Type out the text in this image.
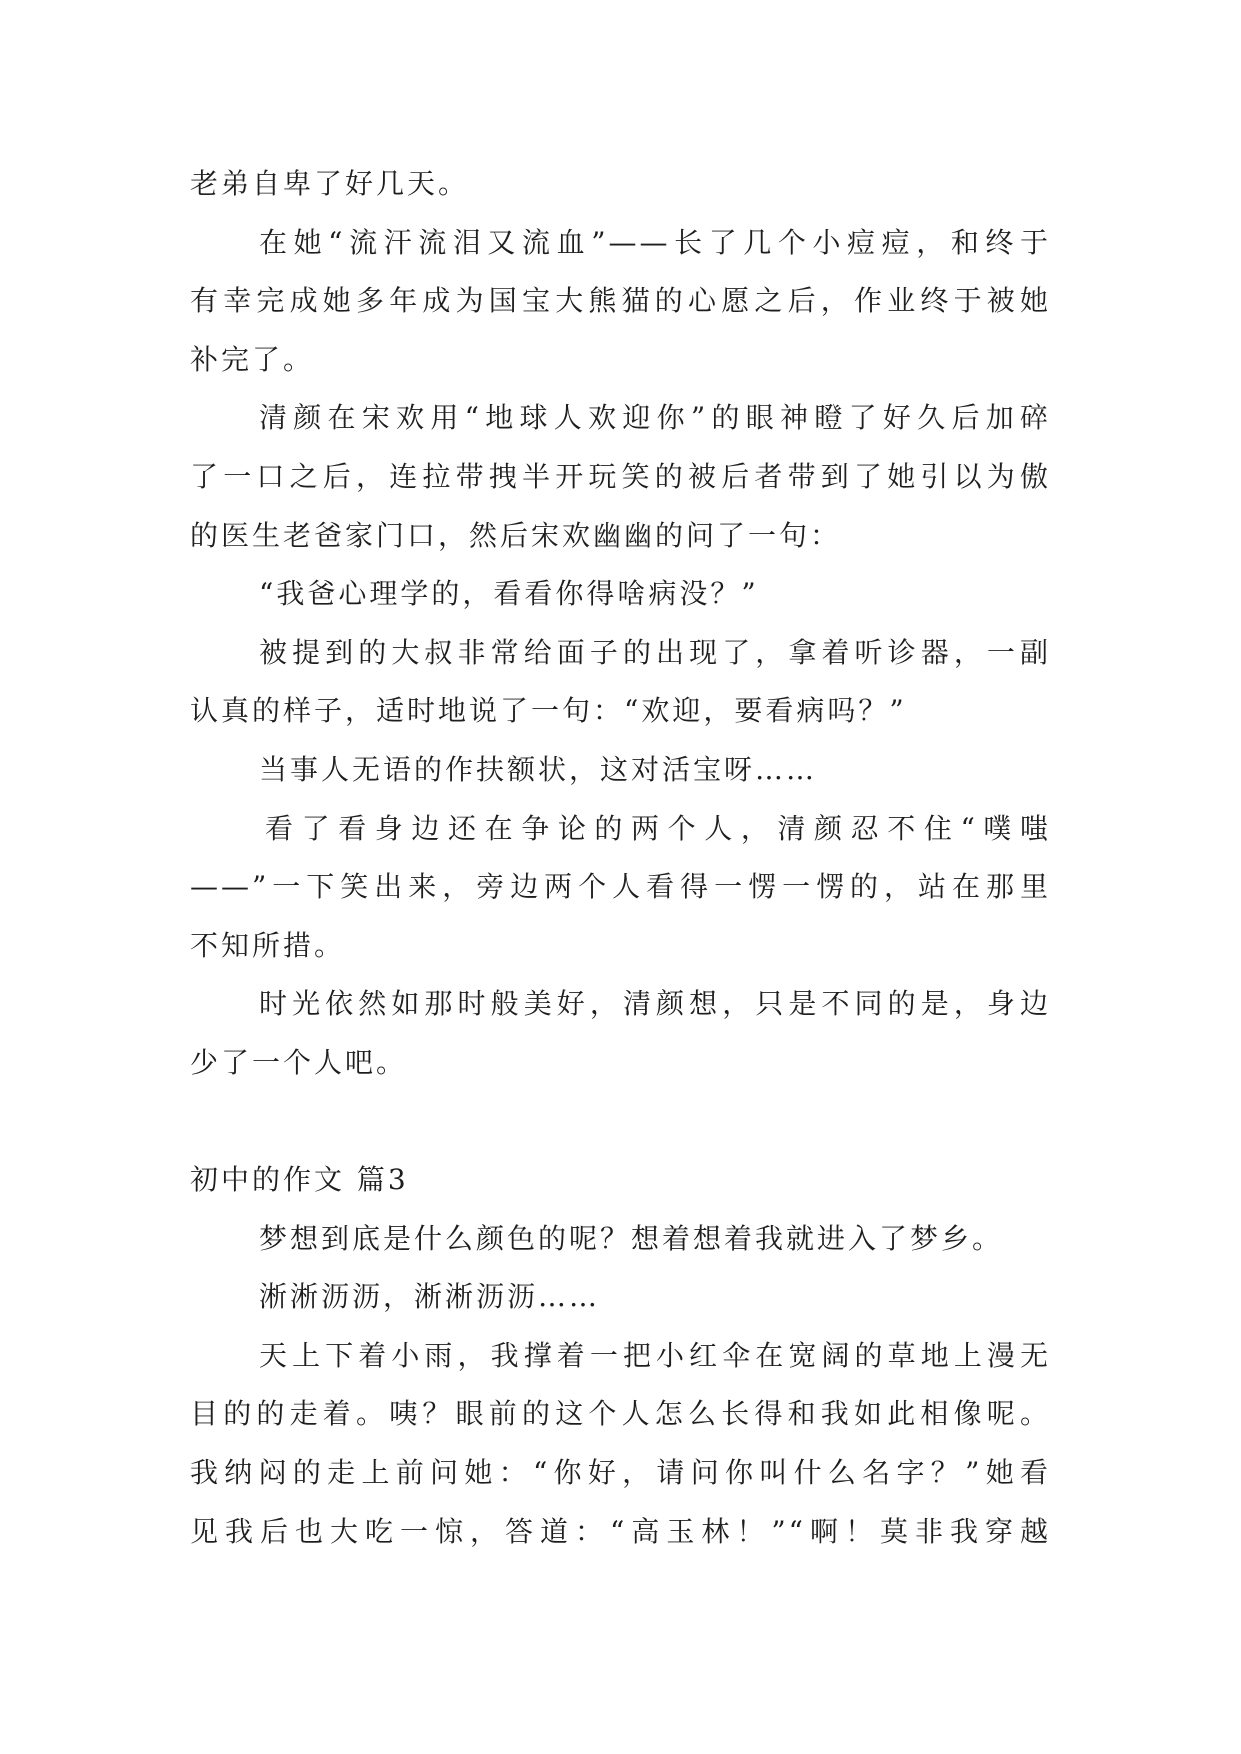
老弟自卑了好几天。
在她“流汗流泪又流血”——长了几个小痘痘，和终于
有幸完成她多年成为国宝大熊猫的心愿之后，作业终于被她
补完了。
清颜在宋欢用“地球人欢迎你”的眼神瞪了好久后加碎
了一口之后，连拉带拽半开玩笑的被后者带到了她引以为傲
的医生老爸家门口，然后宋欢幽幽的问了一句：
“我爸心理学的，看看你得啥病没？”
被提到的大叔非常给面子的出现了，拿着听诊器，一副
认真的样子，适时地说了一句：“欢迎，要看病吗？”
当事人无语的作扶额状，这对活宝呀……
看了看身边还在争论的两个人，清颜忍不住“噗嗤
——”一下笑出来，旁边两个人看得一愣一愣的，站在那里
不知所措。
时光依然如那时般美好，清颜想，只是不同的是，身边
少了一个人吧。
初中的作文 篇3
梦想到底是什么颜色的呢？想着想着我就进入了梦乡。
淅淅沥沥，淅淅沥沥……
天上下着小雨，我撑着一把小红伞在宽阔的草地上漫无
目的的走着。咦？眼前的这个人怎么长得和我如此相像呢。
我纳闷的走上前问她：“你好，请问你叫什么名字？”她看
见我后也大吃一惊，答道：“高玉林！”“啊！莫非我穿越
